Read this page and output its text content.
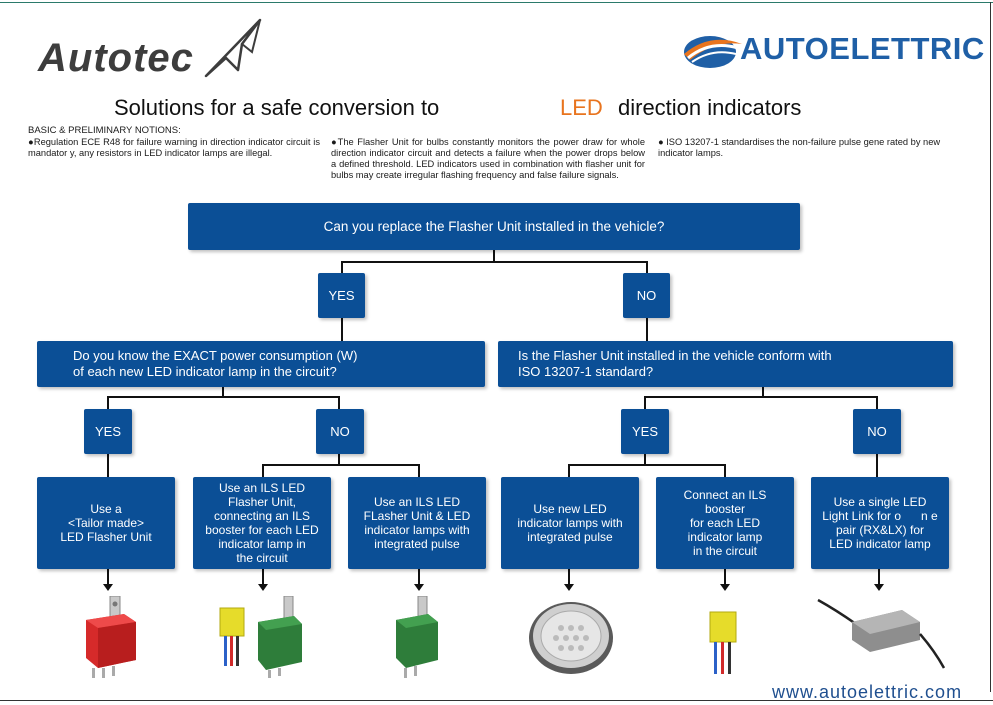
Autotec	AUTOELETTRIC
Solutions for a safe conversion to	LED direction indicators
BASIC & PRELIMINARY NOTIONS:
●Regulation ECE R48 for failure warning in direction indicator circuit is mandator y, any resistors in LED indicator lamps are illegal.
●The Flasher Unit for bulbs constantly monitors the power draw for whole direction indicator circuit and detects a failure when the power drops below a defined threshold. LED indicators used in combination with flasher unit for bulbs may create irregular flashing frequency and false failure signals.
● ISO 13207-1 standardises the non-failure pulse gene rated by new indicator lamps.
Can you replace the Flasher Unit installed in the vehicle?
YES	NO
Do you know the EXACT power consumption (W)
of each new LED indicator lamp in the circuit?
Is the Flasher Unit installed in the vehicle conform with
ISO 13207-1 standard?
YES	NO	YES	NO
Use a
<Tailor made>
LED Flasher Unit
Use an ILS LED
Flasher Unit,
connecting an ILS
booster for each LED
indicator lamp in
the circuit
Use an ILS LED
FLasher Unit & LED
indicator lamps with
integrated pulse
Use new LED
indicator lamps with
integrated pulse
Connect an ILS
booster
for each LED
indicator lamp
in the circuit
Use a single LED
Light Link for o      n e
pair (RX&LX) for
LED indicator lamp
www.autoelettric.com
